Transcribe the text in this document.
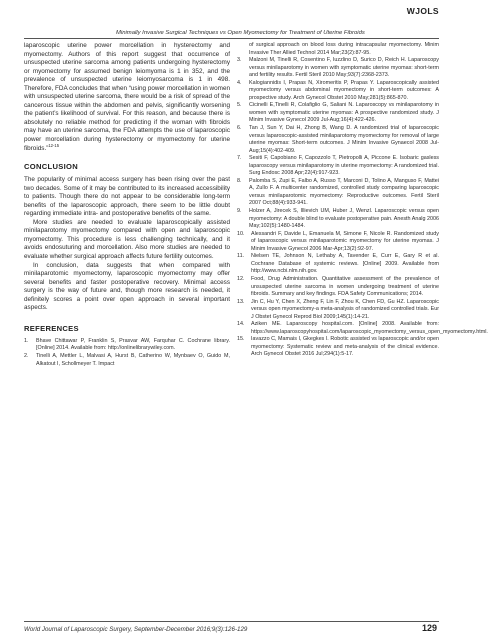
WJOLS
Minimally Invasive Surgical Techniques vs Open Myomectomy for Treatment of Uterine Fibroids

laparoscopic uterine power morcellation in hysterectomy and myomectomy. Authors of this report suggest that occurrence of unsuspected uterine sarcoma among patients undergoing hysterectomy or myomectomy for assumed benign leiomyoma is 1 in 352, and the prevalence of unsuspected uterine leiomyosarcoma is 1 in 498. Therefore, FDA concludes that when “using power morcellation in women with unsuspected uterine sarcoma, there would be a risk of spread of the cancerous tissue within the abdomen and pelvis, significantly worsening the patient’s likelihood of survival. For this reason, and because there is absolutely no reliable method for predicting if the woman with fibroids may have an uterine sarcoma, the FDA attempts the use of laparoscopic power morcellation during hysterectomy or myomectomy for uterine fibroids.”$^{12-15}$

CONCLUSION

The popularity of minimal access surgery has been rising over the past two decades. Some of it may be contributed to its increased accessibility to patients. Though there do not appear to be considerable long-term benefits of the laparoscopic approach, there seem to be little doubt regarding immediate intra- and postoperative benefits of the same.

More studies are needed to evaluate laparoscopically assisted minilaparotomy myomectomy compared with open and laparoscopic myomectomy. This procedure is less challenging technically, and it avoids endosuturing and morcellation. Also more studies are needed to evaluate whether surgical approach affects future fertility outcomes.

In conclusion, data suggests that when compared with minilaparotomic myomectomy, laparoscopic myomectomy may offer several benefits and faster postoperative recovery. Minimal access surgery is the way of future and, though more research is needed, it definitely scores a point over open approach in several important aspects.

REFERENCES
1. Bhave Chittawar P, Franklin S, Prasvar AW, Farquhar C. Cochrane library. [Online] 2014. Available from: http://onlinelibrarywiley.com.
2. Tinelli A, Mettler L, Malvasi A, Hurst B, Catherino W, Mynbaev O, Guido M, Alkatout I, Schollmeyer T. Impact
of surgical approach on blood loss during intracapsular myomectomy. Minim Invasive Ther Allied Technol 2014 Mar;23(2):87-95.
3. Malzoni M, Tinelli R, Cosentino F, Iuzzlino D, Surico D, Reich H. Laparoscopy versus minilaparotomy in women with symptomatic uterine myomas: short-term and fertility results. Fertil Steril 2010 May;93(7):2368-2373.
4. Kalogiannidis I, Prapas N, Xiromeritis P, Prapas Y. Laparoscopically assisted myomectomy versus abdominal myomectomy in short-term outcomes: A prospective study. Arch Gynecol Obstet 2010 May;281(5):865-870.
5. Cicinelli E,Tinelli R, Colafiglio G, Saliani N. Laparoscopy vs minilaparotomy in women with symptomatic uterine myomas: A prospective randomized study. J Minim Invasive Gynecol 2009 Jul-Aug;16(4):422-426.
6. Tan J, Sun Y, Dai H, Zhong B, Wang D. A randomized trial of laparoscopic versus laparoscopic-assisted minilaparotomy myomectomy for removal of large uterine myomas: Short-term outcomes. J Minim Invasive Gynaecol 2008 Jul-Aug;15(4):402-409.
7. Sesiti F, Capobiano F, Capozzolo T, Pietropolli A, Piccone E. Isobaric gasless laparoscopy versus minilaparotomy in uterine myomectomy: A randomized trial. Surg Endosc 2008 Apr;22(4):917-923.
8. Palomba S, Zupi E, Falbo A, Russo T, Marconi D, Tolino A, Manguso F, Mattei A, Zullo F. A multicenter randomized, controlled study comparing laparoscopic versus minilaparotomic myomectomy: Reproductive outcomes. Fertil Steril 2007 Oct;88(4):933-941.
9. Holzer A, Jirecek S, Illievich UM, Huber J, Wenzl. Laparoscopic versus open myomectomy: A double blind to evaluate postoperative pain. Anesth Analg 2006 May;102(5):1480-1484.
10. Alessandri F, Davide L, Emanuela M, Simone F, Nicole R. Randomized study of laparoscopic versus minilaparotomic myomectomy for uterine myomas. J Minim Invasive Gynecol 2006 Mar-Apr;13(2):92-97.
11. Nielsen TE, Johnson N, Lethaby A, Tavender E, Curr E, Gary R et al. Cochrane Database of systemic reviews. [Online] 2009. Available from http://www.ncbi.nlm.nih.gov.
12. Food, Drug Administration. Quantitative assessment of the prevalence of unsuspected uterine sarcoma in women undergoing treatment of uterine fibroids. Summary and key findings. FDA Safety Communications; 2014.
13. Jin C, Hu Y, Chen X, Zheng F, Lin F, Zhou K, Chen FD, Gu HZ. Laparoscopic versus open myomectomy-a meta-analysis of randomized controlled trials. Eur J Obstet Gynecol Reprod Biol 2009;145(1):14-21.
14. Aziken ME. Laparoscopy hospital.com. [Online] 2008. Available from: https://www.laparoscopyhospital.com/laparoscopic_myomectomy_versus_open_myomectomy.html.
15. Iavazzo C, Mamais I, Gkegkes I. Robotic assisted vs laparoscopic and/or open myomectomy: Systematic review and meta-analysis of the clinical evidence. Arch Gynecol Obstet 2016 Jul;294(1):5-17.
World Journal of Laparoscopic Surgery, September-December 2016;9(3):126-129	129
